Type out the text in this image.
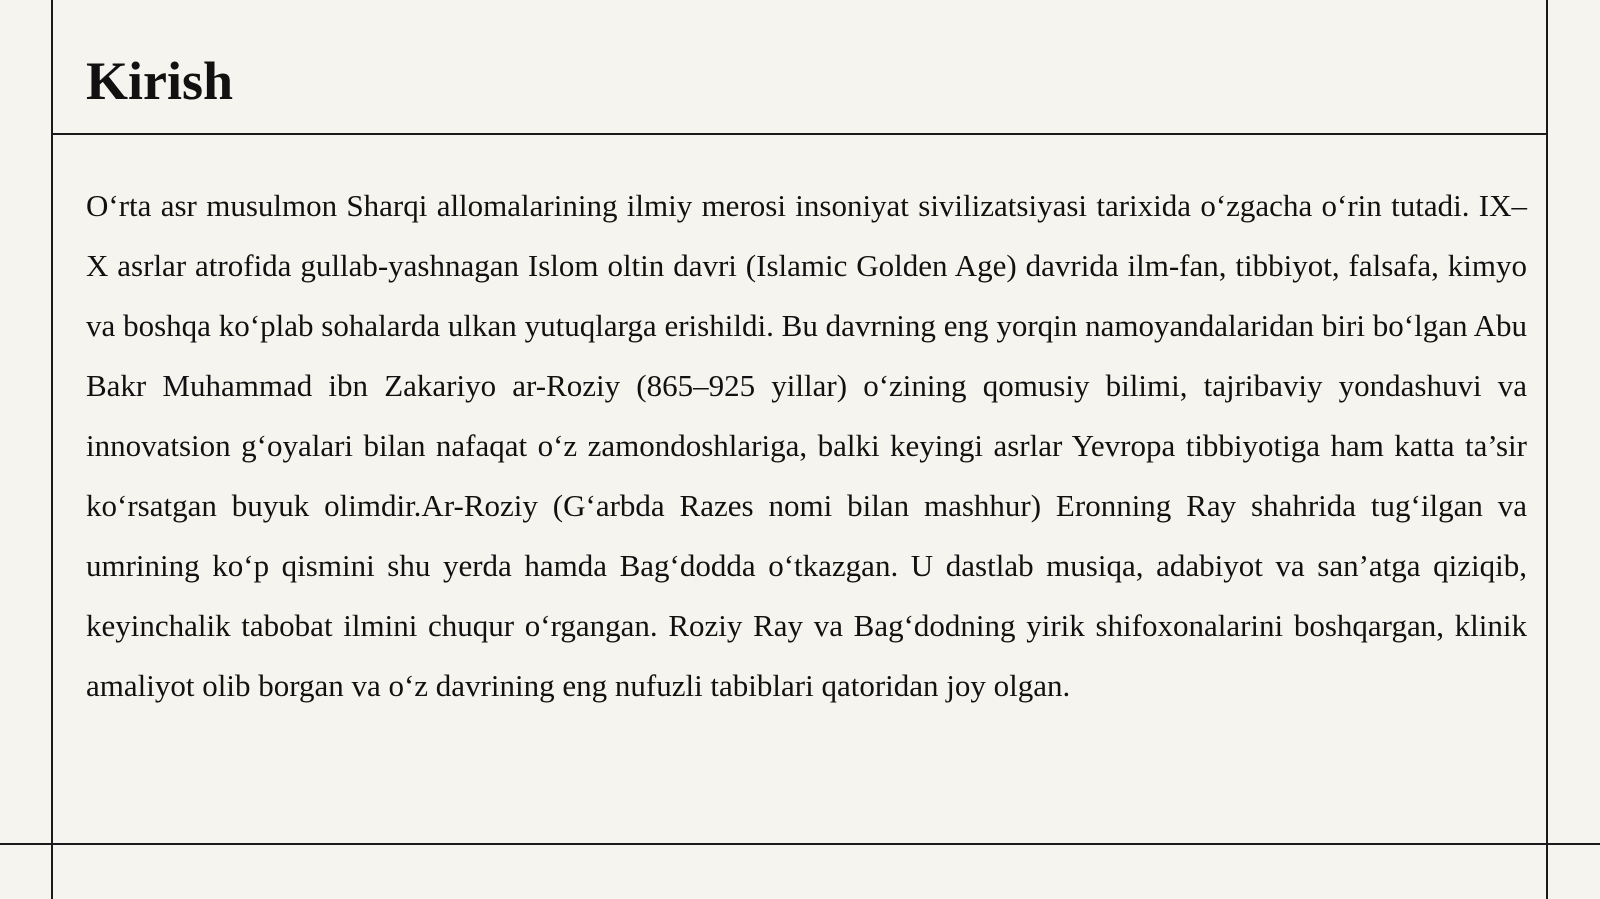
Kirish

O‘rta asr musulmon Sharqi allomalarining ilmiy merosi insoniyat sivilizatsiyasi tarixida o‘zgacha o‘rin tutadi. IX–X asrlar atrofida gullab-yashnagan Islom oltin davri (Islamic Golden Age) davrida ilm-fan, tibbiyot, falsafa, kimyo va boshqa ko‘plab sohalarda ulkan yutuqlarga erishildi. Bu davrning eng yorqin namoyandalaridan biri bo‘lgan Abu Bakr Muhammad ibn Zakariyo ar-Roziy (865–925 yillar) o‘zining qomusiy bilimi, tajribaviy yondashuvi va innovatsion g‘oyalari bilan nafaqat o‘z zamondoshlariga, balki keyingi asrlar Yevropa tibbiyotiga ham katta ta’sir ko‘rsatgan buyuk olimdir.Ar-Roziy (G‘arbda Razes nomi bilan mashhur) Eronning Ray shahrida tug‘ilgan va umrining ko‘p qismini shu yerda hamda Bag‘dodda o‘tkazgan. U dastlab musiqa, adabiyot va san’atga qiziqib, keyinchalik tabobat ilmini chuqur o‘rgangan. Roziy Ray va Bag‘dodning yirik shifoxonalarini boshqargan, klinik amaliyot olib borgan va o‘z davrining eng nufuzli tabiblari qatoridan joy olgan.
